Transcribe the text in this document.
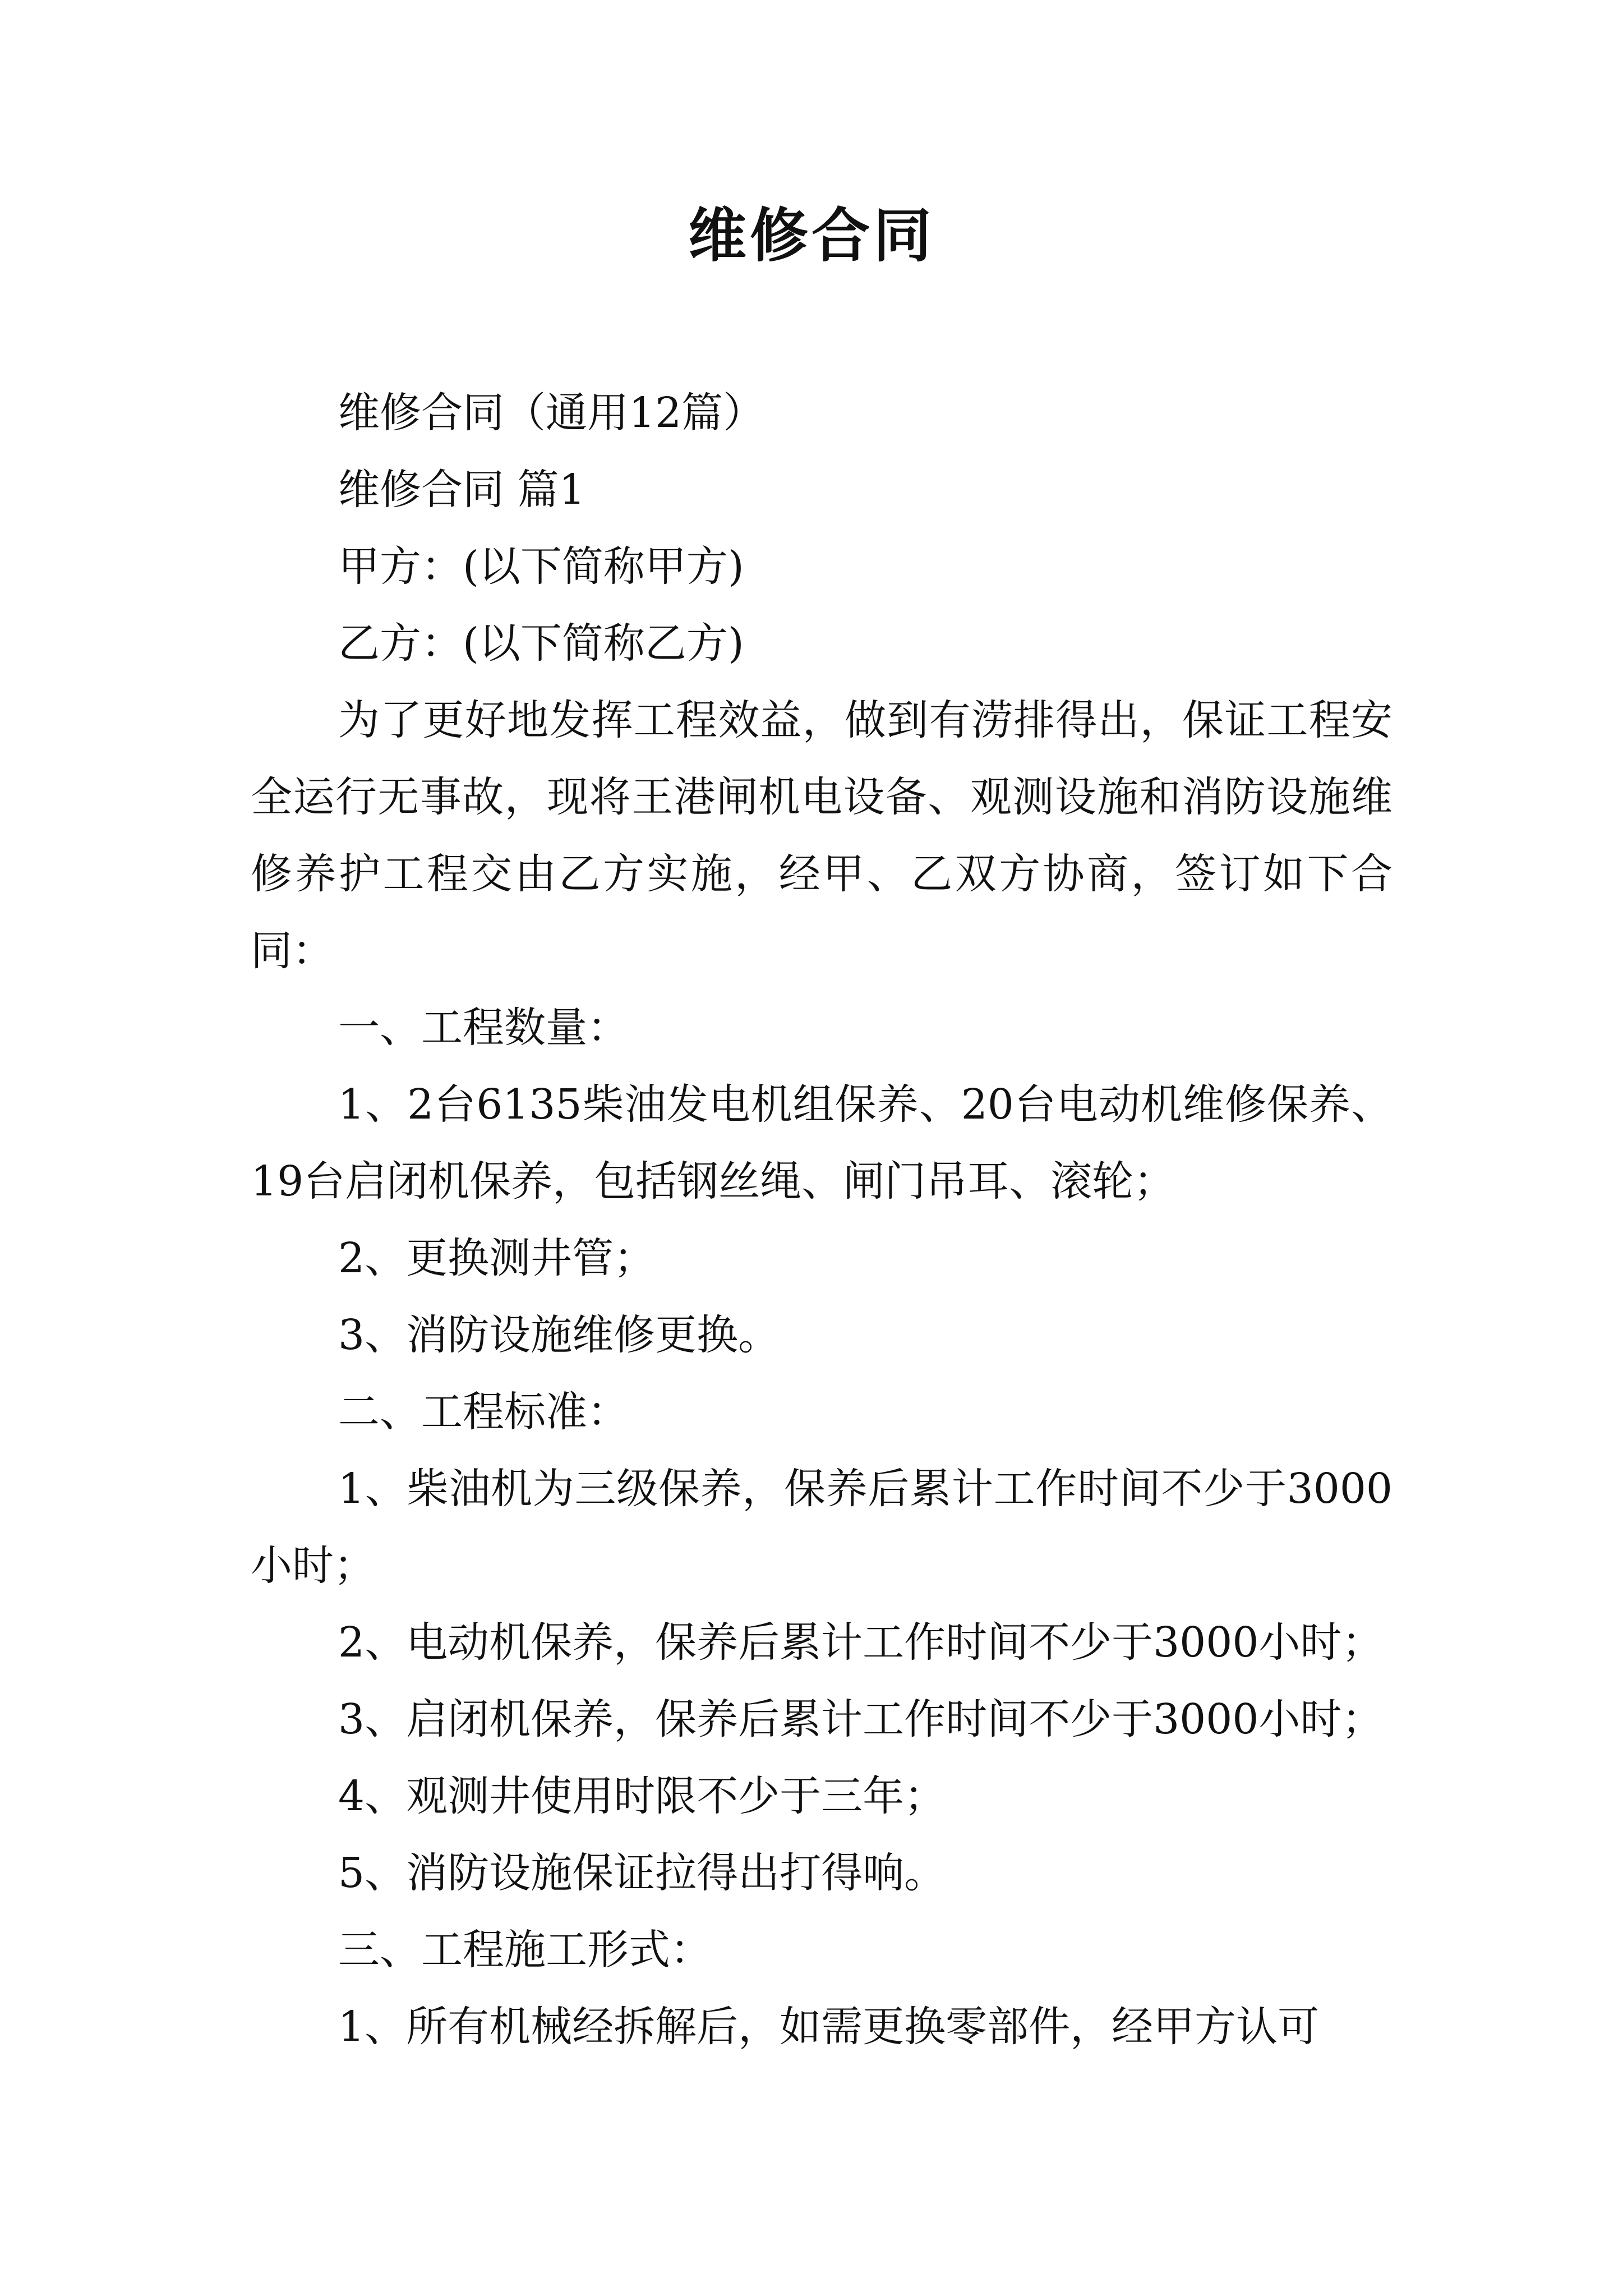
维修合同

维修合同（通用12篇）

维修合同 篇1

甲方：(以下简称甲方)

乙方：(以下简称乙方)

为了更好地发挥工程效益，做到有涝排得出，保证工程安全运行无事故，现将王港闸机电设备、观测设施和消防设施维修养护工程交由乙方实施，经甲、乙双方协商，签订如下合同：

一、工程数量：

1、2台6135柴油发电机组保养、20台电动机维修保养、19台启闭机保养，包括钢丝绳、闸门吊耳、滚轮；

2、更换测井管；

3、消防设施维修更换。

二、工程标准：

1、柴油机为三级保养，保养后累计工作时间不少于3000小时；

2、电动机保养，保养后累计工作时间不少于3000小时；

3、启闭机保养，保养后累计工作时间不少于3000小时；

4、观测井使用时限不少于三年；

5、消防设施保证拉得出打得响。

三、工程施工形式：

1、所有机械经拆解后，如需更换零部件，经甲方认可
